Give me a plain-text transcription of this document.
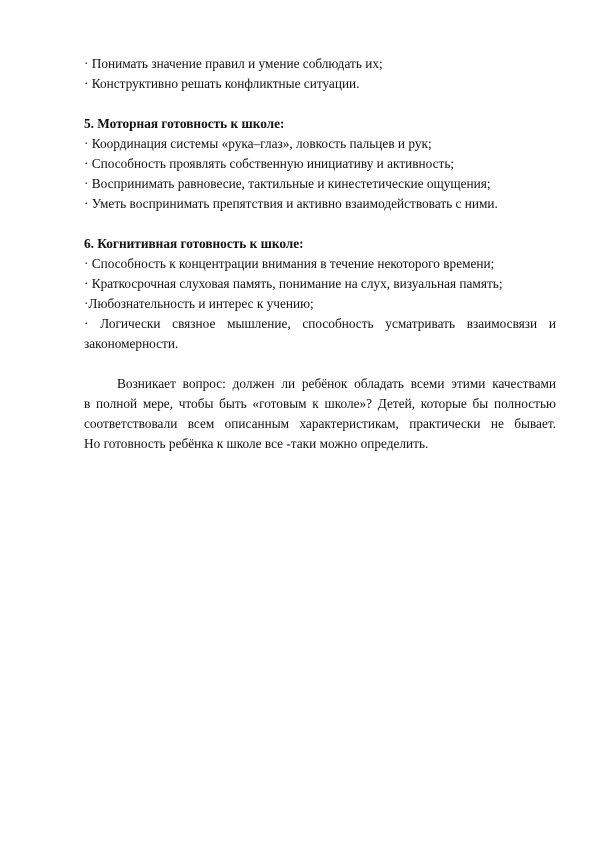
· Понимать значение правил и умение соблюдать их;
· Конструктивно решать конфликтные ситуации.
5. Моторная готовность к школе:
· Координация системы «рука–глаз», ловкость пальцев и рук;
· Способность проявлять собственную инициативу и активность;
· Воспринимать равновесие, тактильные и кинестетические ощущения;
· Уметь воспринимать препятствия и активно взаимодействовать с ними.
6. Когнитивная готовность к школе:
· Способность к концентрации внимания в течение некоторого времени;
· Краткосрочная слуховая память, понимание на слух, визуальная память;
·Любознательность и интерес к учению;
· Логически связное мышление, способность усматривать взаимосвязи и
закономерности.
Возникает вопрос: должен ли ребёнок обладать всеми этими качествами
в полной мере, чтобы быть «готовым к школе»? Детей, которые бы полностью
соответствовали всем описанным характеристикам, практически не бывает.
Но готовность ребёнка к школе все -таки можно определить.
